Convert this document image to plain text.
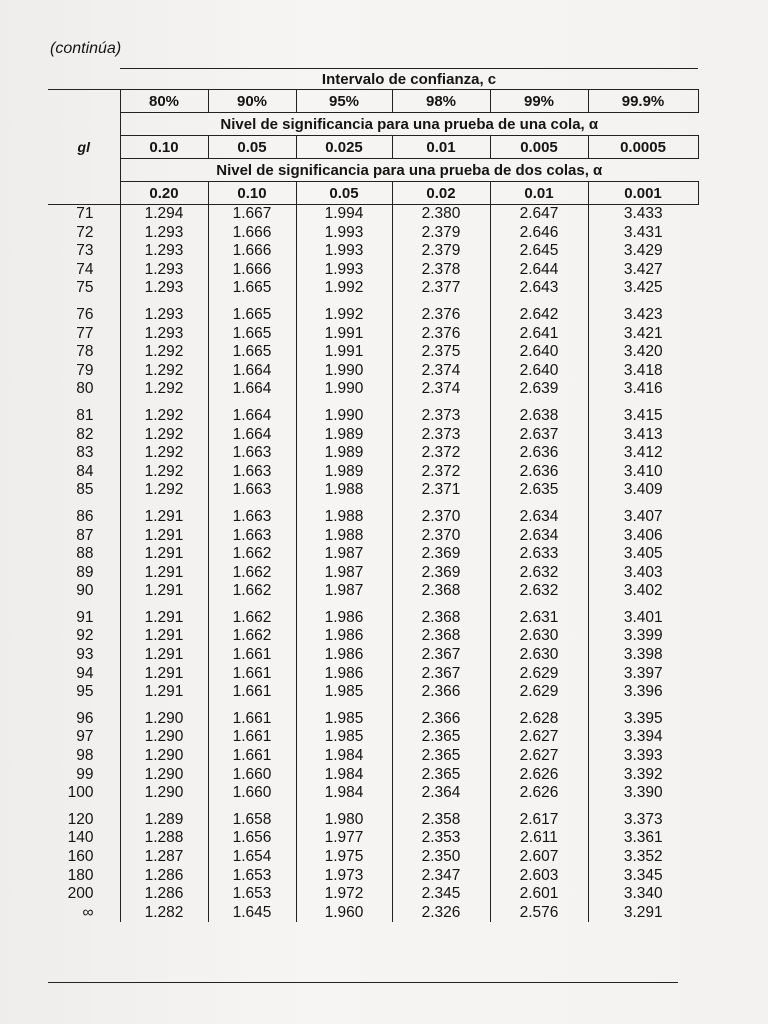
(continúa)
	Intervalo de confianza, c					
	80%	90%	95%	98%	99%	99.9%
	Nivel de significancia para una prueba de una cola, α					
gl	0.10	0.05	0.025	0.01	0.005	0.0005
	Nivel de significancia para una prueba de dos colas, α					
	0.20	0.10	0.05	0.02	0.01	0.001
71	1.294	1.667	1.994	2.380	2.647	3.433
72	1.293	1.666	1.993	2.379	2.646	3.431
73	1.293	1.666	1.993	2.379	2.645	3.429
74	1.293	1.666	1.993	2.378	2.644	3.427
75	1.293	1.665	1.992	2.377	2.643	3.425

76	1.293	1.665	1.992	2.376	2.642	3.423
77	1.293	1.665	1.991	2.376	2.641	3.421
78	1.292	1.665	1.991	2.375	2.640	3.420
79	1.292	1.664	1.990	2.374	2.640	3.418
80	1.292	1.664	1.990	2.374	2.639	3.416

81	1.292	1.664	1.990	2.373	2.638	3.415
82	1.292	1.664	1.989	2.373	2.637	3.413
83	1.292	1.663	1.989	2.372	2.636	3.412
84	1.292	1.663	1.989	2.372	2.636	3.410
85	1.292	1.663	1.988	2.371	2.635	3.409

86	1.291	1.663	1.988	2.370	2.634	3.407
87	1.291	1.663	1.988	2.370	2.634	3.406
88	1.291	1.662	1.987	2.369	2.633	3.405
89	1.291	1.662	1.987	2.369	2.632	3.403
90	1.291	1.662	1.987	2.368	2.632	3.402

91	1.291	1.662	1.986	2.368	2.631	3.401
92	1.291	1.662	1.986	2.368	2.630	3.399
93	1.291	1.661	1.986	2.367	2.630	3.398
94	1.291	1.661	1.986	2.367	2.629	3.397
95	1.291	1.661	1.985	2.366	2.629	3.396

96	1.290	1.661	1.985	2.366	2.628	3.395
97	1.290	1.661	1.985	2.365	2.627	3.394
98	1.290	1.661	1.984	2.365	2.627	3.393
99	1.290	1.660	1.984	2.365	2.626	3.392
100	1.290	1.660	1.984	2.364	2.626	3.390

120	1.289	1.658	1.980	2.358	2.617	3.373
140	1.288	1.656	1.977	2.353	2.611	3.361
160	1.287	1.654	1.975	2.350	2.607	3.352
180	1.286	1.653	1.973	2.347	2.603	3.345
200	1.286	1.653	1.972	2.345	2.601	3.340
∞	1.282	1.645	1.960	2.326	2.576	3.291
